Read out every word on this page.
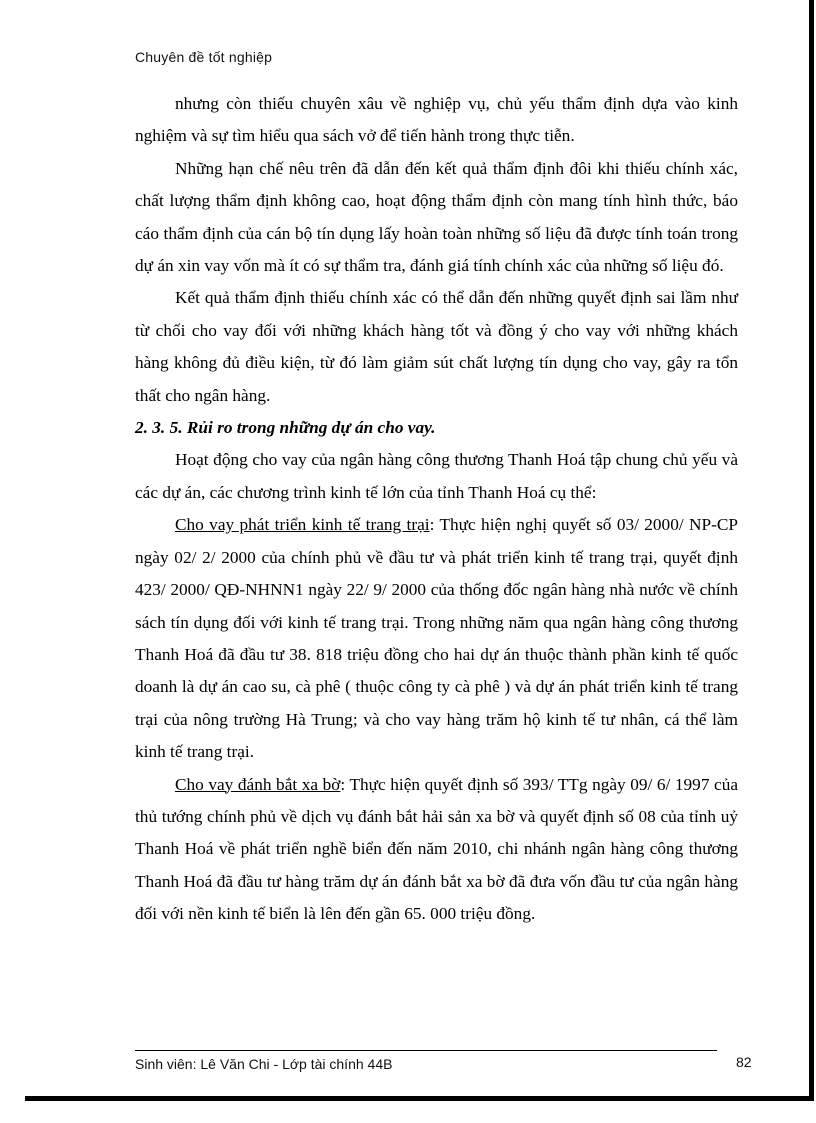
Chuyên đề tốt nghiệp

nhưng còn thiếu chuyên xâu về nghiệp vụ, chủ yếu thẩm định dựa vào kinh nghiệm và sự tìm hiểu qua sách vở để tiến hành trong thực tiễn.

Những hạn chế nêu trên đã dẫn đến kết quả thẩm định đôi khi thiếu chính xác, chất lượng thẩm định không cao, hoạt động thẩm định còn mang tính hình thức, báo cáo thẩm định của cán bộ tín dụng lấy hoàn toàn những số liệu đã được tính toán trong dự án xin vay vốn mà ít có sự thẩm tra, đánh giá tính chính xác của những số liệu đó.

Kết quả thẩm định thiếu chính xác có thể dẫn đến những quyết định sai lầm như từ chối cho vay đối với những khách hàng tốt và đồng ý cho vay với những khách hàng không đủ điều kiện, từ đó làm giảm sút chất lượng tín dụng cho vay, gây ra tổn thất cho ngân hàng.

2. 3. 5. Rủi ro trong những dự án cho vay.

Hoạt động cho vay của ngân hàng công thương Thanh Hoá tập chung chủ yếu và các dự án, các chương trình kinh tế lớn của tỉnh Thanh Hoá cụ thể:

Cho vay phát triển kinh tế trang trại: Thực hiện nghị quyết số 03/ 2000/ NP-CP ngày 02/ 2/ 2000 của chính phủ về đầu tư và phát triển kinh tế trang trại, quyết định 423/ 2000/ QĐ-NHNN1 ngày 22/ 9/ 2000 của thống đốc ngân hàng nhà nước về chính sách tín dụng đối với kinh tế trang trại. Trong những năm qua ngân hàng công thương Thanh Hoá đã đầu tư 38. 818 triệu đồng cho hai dự án thuộc thành phần kinh tế quốc doanh là dự án cao su, cà phê ( thuộc công ty cà phê ) và dự án phát triển kinh tế trang trại của nông trường Hà Trung; và cho vay hàng trăm hộ kinh tế tư nhân, cá thể làm kinh tế trang trại.

Cho vay đánh bắt xa bờ: Thực hiện quyết định số 393/ TTg ngày 09/ 6/ 1997 của thủ tướng chính phủ về dịch vụ đánh bắt hải sản xa bờ và quyết định số 08 của tỉnh uỷ Thanh Hoá về phát triển nghề biển đến năm 2010, chi nhánh ngân hàng công thương Thanh Hoá đã đầu tư hàng trăm dự án đánh bắt xa bờ đã đưa vốn đầu tư của ngân hàng đối với nền kinh tế biển là lên đến gần 65. 000 triệu đồng.

Sinh viên: Lê Văn Chi - Lớp tài chính 44B	82
